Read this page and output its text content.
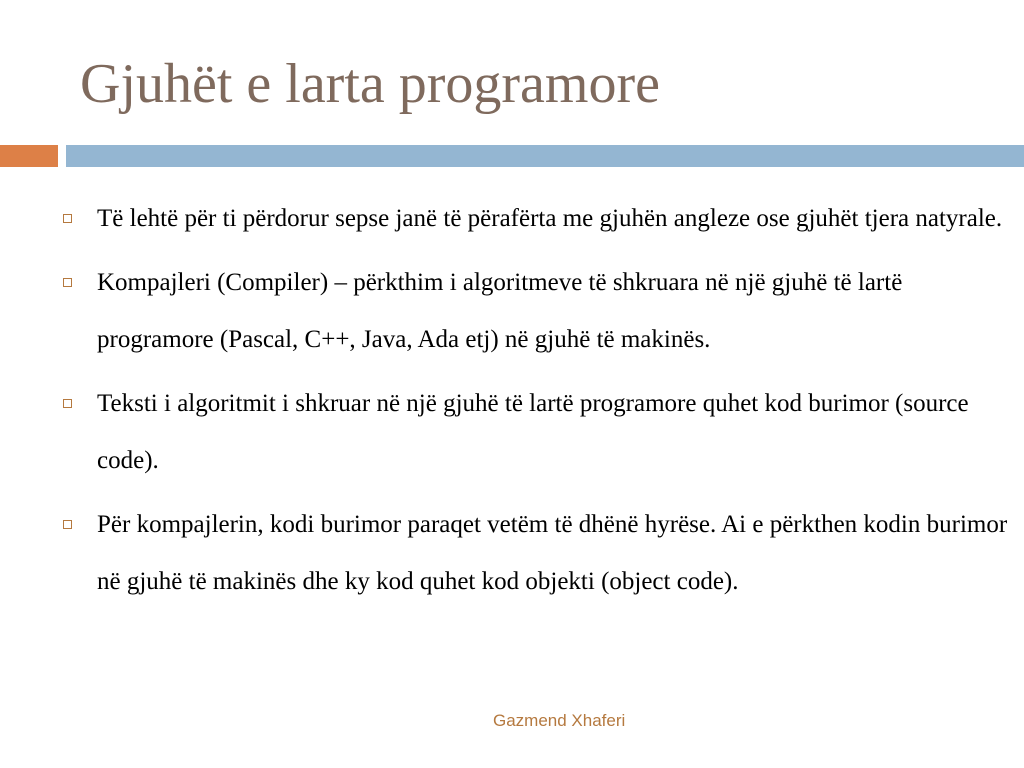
Gjuhët e larta programore
Të lehtë për ti përdorur sepse janë të përafërta me gjuhën angleze ose gjuhët tjera natyrale.
Kompajleri (Compiler) – përkthim i algoritmeve të shkruara në një gjuhë të lartë programore (Pascal, C++, Java, Ada etj) në gjuhë të makinës.
Teksti i algoritmit i shkruar në një gjuhë të lartë programore quhet kod burimor (source code).
Për kompajlerin, kodi burimor paraqet vetëm të dhënë hyrëse. Ai e përkthen kodin burimor në gjuhë të makinës dhe ky kod quhet kod objekti (object code).
Gazmend Xhaferi
